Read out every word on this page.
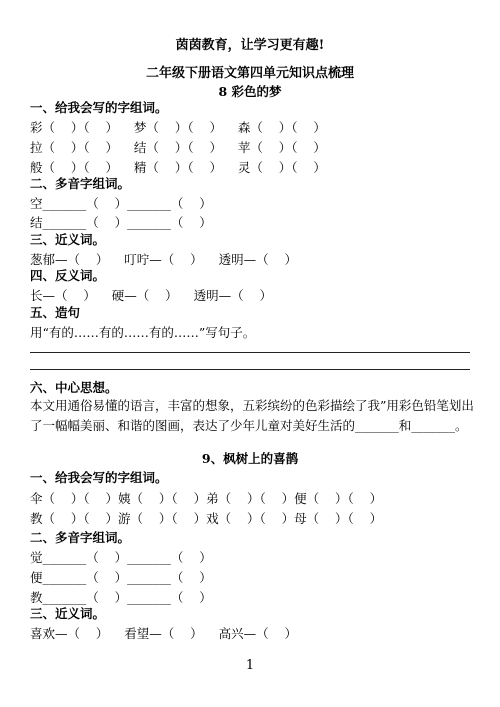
茵茵教育，让学习更有趣!
二年级下册语文第四单元知识点梳理
8 彩色的梦
一、给我会写的字组词。
彩（    ）（    ）    梦（    ）（    ）    森（    ）（    ）
拉（    ）（    ）    结（    ）（    ）    苹（    ）（    ）
般（    ）（    ）    精（    ）（    ）    灵（    ）（    ）
二、多音字组词。
空_______（    ）_______（    ）
结_______（    ）_______（    ）
三、近义词。
葱郁—（    ）    叮咛—（    ）    透明—（    ）
四、反义词。
长—（    ）    硬—（    ）    透明—（    ）
五、造句
用“有的……有的……有的……”写句子。
六、中心思想。
本文用通俗易懂的语言，丰富的想象，五彩缤纷的色彩描绘了我”用彩色铅笔划出了一幅幅美丽、和谐的图画，表达了少年儿童对美好生活的_______和_______。
9、枫树上的喜鹊
一、给我会写的字组词。
伞（    ）（    ）姨（    ）（    ）弟（    ）（    ）便（    ）（    ）
教（    ）（    ）游（    ）（    ）戏（    ）（    ）母（    ）（    ）
二、多音字组词。
觉_______（    ）_______（    ）
便_______（    ）_______（    ）
教_______（    ）_______（    ）
三、近义词。
喜欢—（    ）    看望—（    ）    高兴—（    ）
1
